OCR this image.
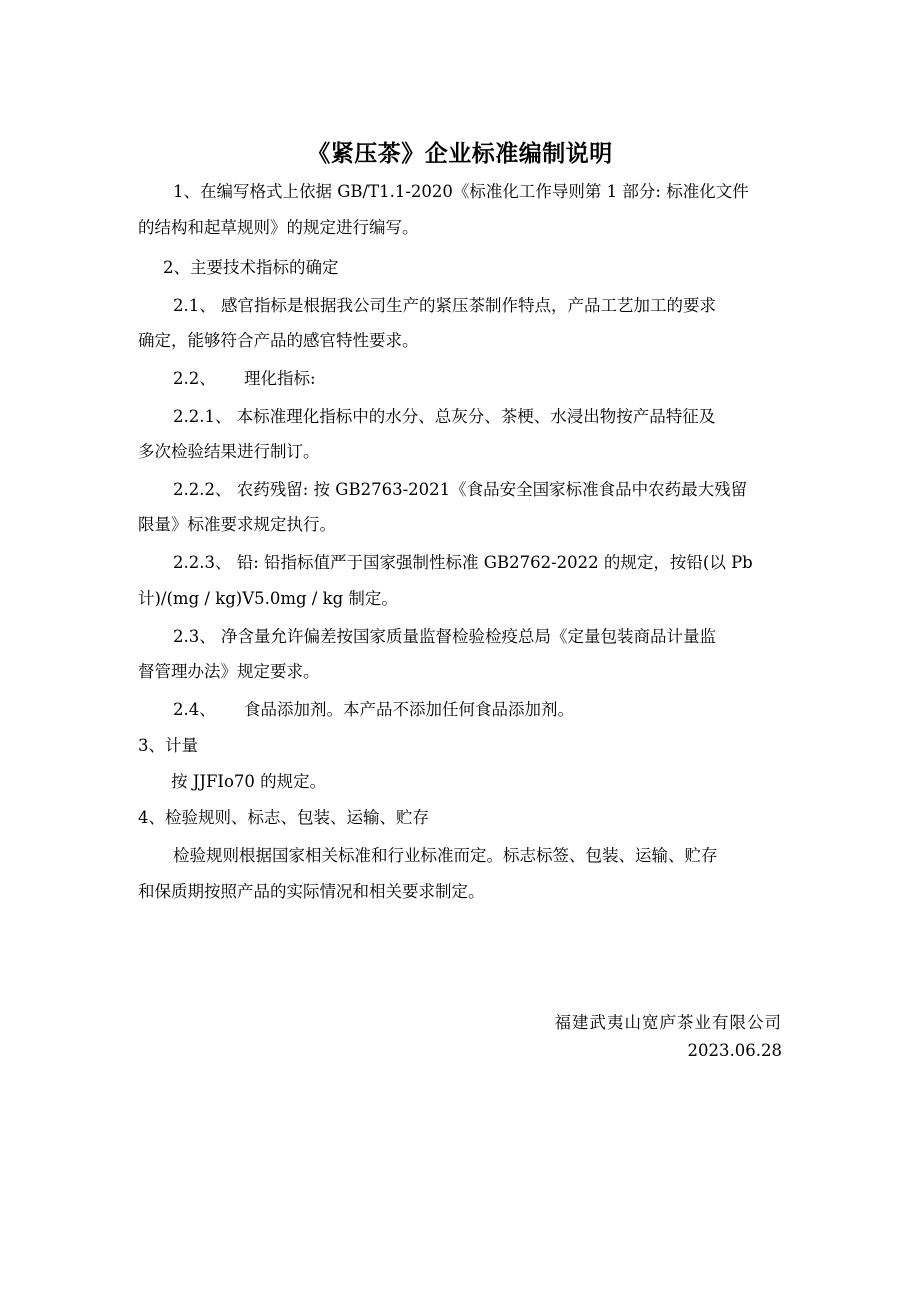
《紧压茶》企业标准编制说明
1、在编写格式上依据 GB/T1.1-2020《标准化工作导则第 1 部分: 标准化文件
的结构和起草规则》的规定进行编写。
2、主要技术指标的确定
2.1、 感官指标是根据我公司生产的紧压茶制作特点，产品工艺加工的要求
确定，能够符合产品的感官特性要求。
2.2、 理化指标:
2.2.1、 本标准理化指标中的水分、总灰分、茶梗、水浸出物按产品特征及
多次检验结果进行制订。
2.2.2、 农药残留: 按 GB2763-2021《食品安全国家标准食品中农药最大残留
限量》标准要求规定执行。
2.2.3、 铅: 铅指标值严于国家强制性标准 GB2762-2022 的规定，按铅(以 Pb
计)/(mg / kg)V5.0mg / kg 制定。
2.3、 净含量允许偏差按国家质量监督检验检疫总局《定量包装商品计量监
督管理办法》规定要求。
2.4、 食品添加剂。本产品不添加任何食品添加剂。
3、计量
按 JJFIo70 的规定。
4、检验规则、标志、包装、运输、贮存
检验规则根据国家相关标准和行业标准而定。标志标签、包装、运输、贮存
和保质期按照产品的实际情况和相关要求制定。
福建武夷山宽庐茶业有限公司
2023.06.28
